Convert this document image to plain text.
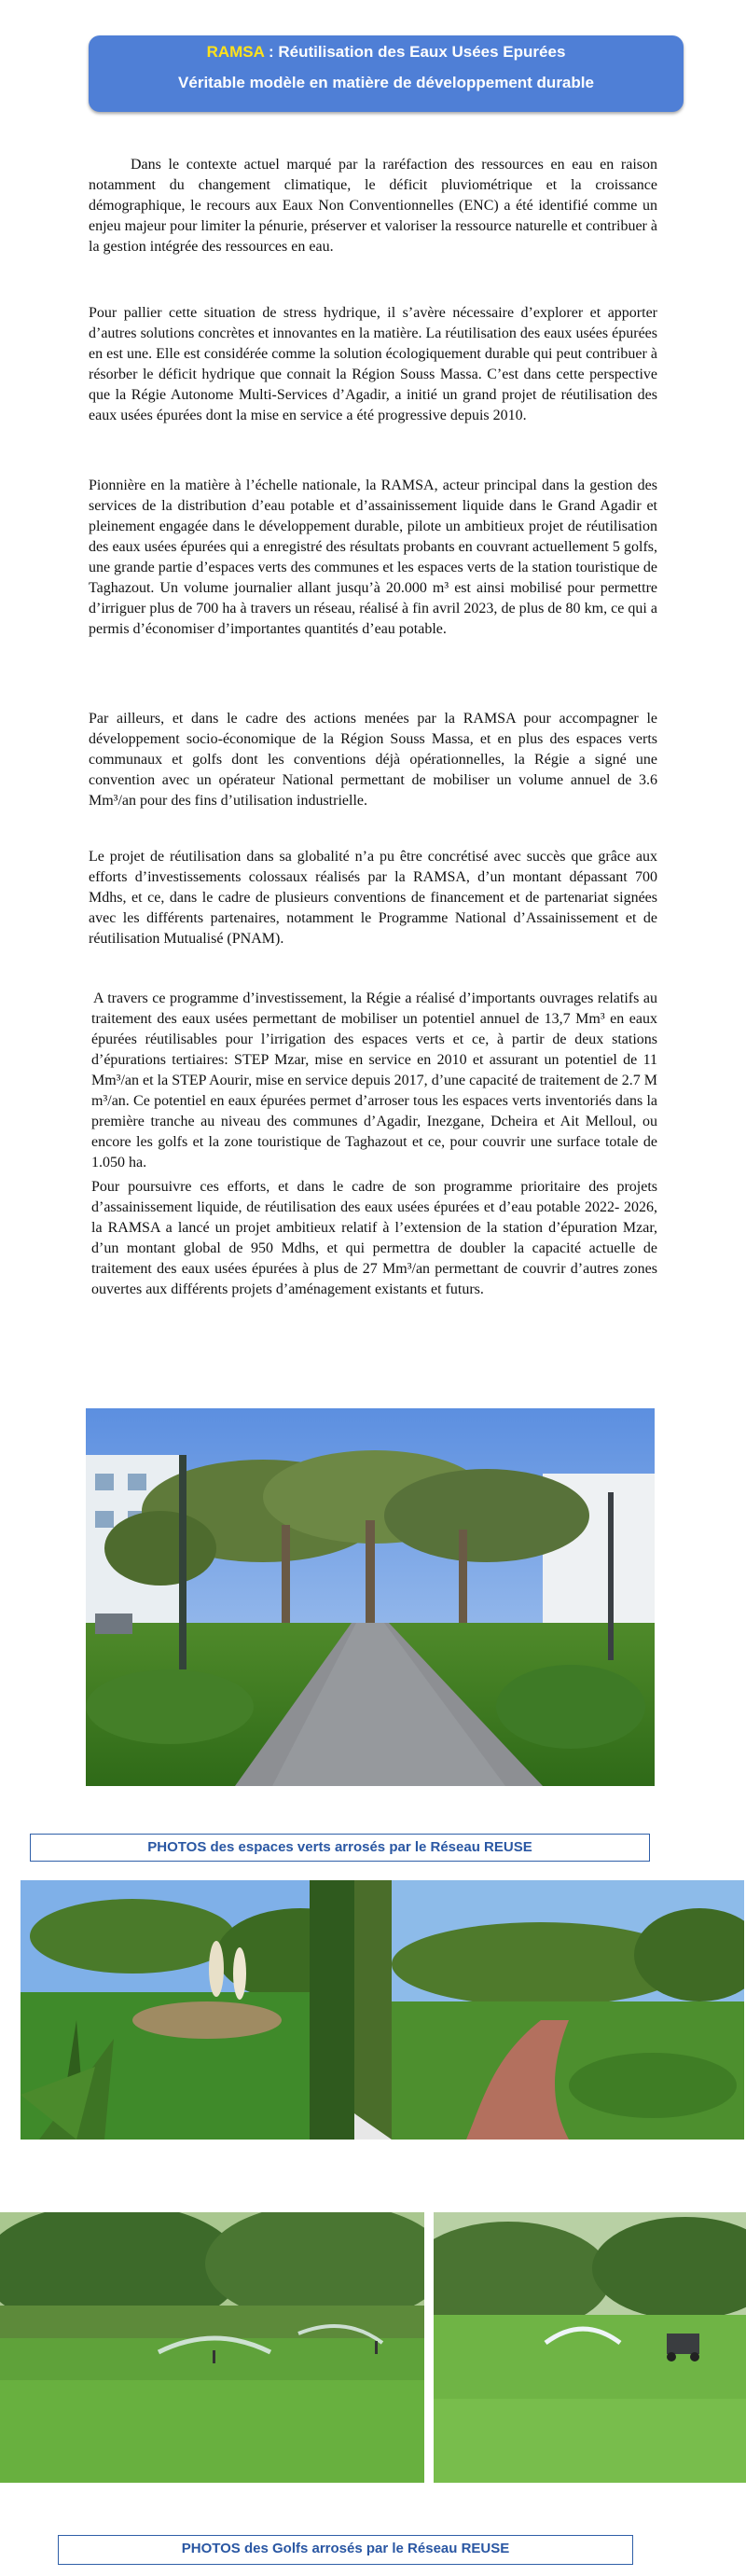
RAMSA : Réutilisation des Eaux Usées Epurées
Véritable modèle en matière de développement durable
Dans le contexte actuel marqué par la raréfaction des ressources en eau en raison notamment du changement climatique, le déficit pluviométrique et la croissance démographique, le recours aux Eaux Non Conventionnelles (ENC) a été identifié comme un enjeu majeur pour limiter la pénurie, préserver et valoriser la ressource naturelle et contribuer à la gestion intégrée des ressources en eau.
Pour pallier cette situation de stress hydrique, il s’avère nécessaire d’explorer et apporter d’autres solutions concrètes et innovantes en la matière. La réutilisation des eaux usées épurées en est une. Elle est considérée comme la solution écologiquement durable qui peut contribuer à résorber le déficit hydrique que connait la Région Souss Massa. C’est dans cette perspective que la Régie Autonome Multi-Services d’Agadir, a initié un grand projet de réutilisation des eaux usées épurées dont la mise en service a été progressive depuis 2010.
Pionnière en la matière à l’échelle nationale, la RAMSA, acteur principal dans la gestion des services de la distribution d’eau potable et d’assainissement liquide dans le Grand Agadir et pleinement engagée dans le développement durable, pilote un ambitieux projet de réutilisation des eaux usées épurées qui a enregistré des résultats probants en couvrant actuellement 5 golfs, une grande partie d’espaces verts des communes et les espaces verts de la station touristique de Taghazout. Un volume journalier allant jusqu’à 20.000 m³ est ainsi mobilisé pour permettre d’irriguer plus de 700 ha à travers un réseau, réalisé à fin avril 2023, de plus de 80 km, ce qui a permis d’économiser d’importantes quantités d’eau potable.
Par ailleurs, et dans le cadre des actions menées par la RAMSA pour accompagner le développement socio-économique de la Région Souss Massa, et en plus des espaces verts communaux et golfs dont les conventions déjà opérationnelles, la Régie a signé une convention avec un opérateur National permettant de mobiliser un volume annuel de 3.6 Mm³/an pour des fins d’utilisation industrielle.
Le projet de réutilisation dans sa globalité n’a pu être concrétisé avec succès que grâce aux efforts d’investissements colossaux réalisés par la RAMSA, d’un montant dépassant 700 Mdhs, et ce, dans le cadre de plusieurs conventions de financement et de partenariat signées avec les différents partenaires, notamment le Programme National d’Assainissement et de réutilisation Mutualisé (PNAM).
A travers ce programme d’investissement, la Régie a réalisé d’importants ouvrages relatifs au traitement des eaux usées permettant de mobiliser un potentiel annuel de 13,7 Mm³ en eaux épurées réutilisables pour l’irrigation des espaces verts et ce, à partir de deux stations d’épurations tertiaires: STEP Mzar, mise en service en 2010 et assurant un potentiel de 11 Mm³/an et la STEP Aourir, mise en service depuis 2017, d’une capacité de traitement de 2.7 M m³/an. Ce potentiel en eaux épurées permet d’arroser tous les espaces verts inventoriés dans la première tranche au niveau des communes d’Agadir, Inezgane, Dcheira et Ait Melloul, ou encore les golfs et la zone touristique de Taghazout et ce, pour couvrir une surface totale de 1.050 ha.
Pour poursuivre ces efforts, et dans le cadre de son programme prioritaire des projets d’assainissement liquide, de réutilisation des eaux usées épurées et d’eau potable 2022- 2026, la RAMSA a lancé un projet ambitieux relatif à l’extension de la station d’épuration Mzar, d’un montant global de 950 Mdhs, et qui permettra de doubler la capacité actuelle de traitement des eaux usées épurées à plus de 27 Mm³/an permettant de couvrir d’autres zones ouvertes aux différents projets d’aménagement existants et futurs.
PHOTOS des espaces verts arrosés par le Réseau REUSE
PHOTOS des Golfs arrosés par le Réseau REUSE
